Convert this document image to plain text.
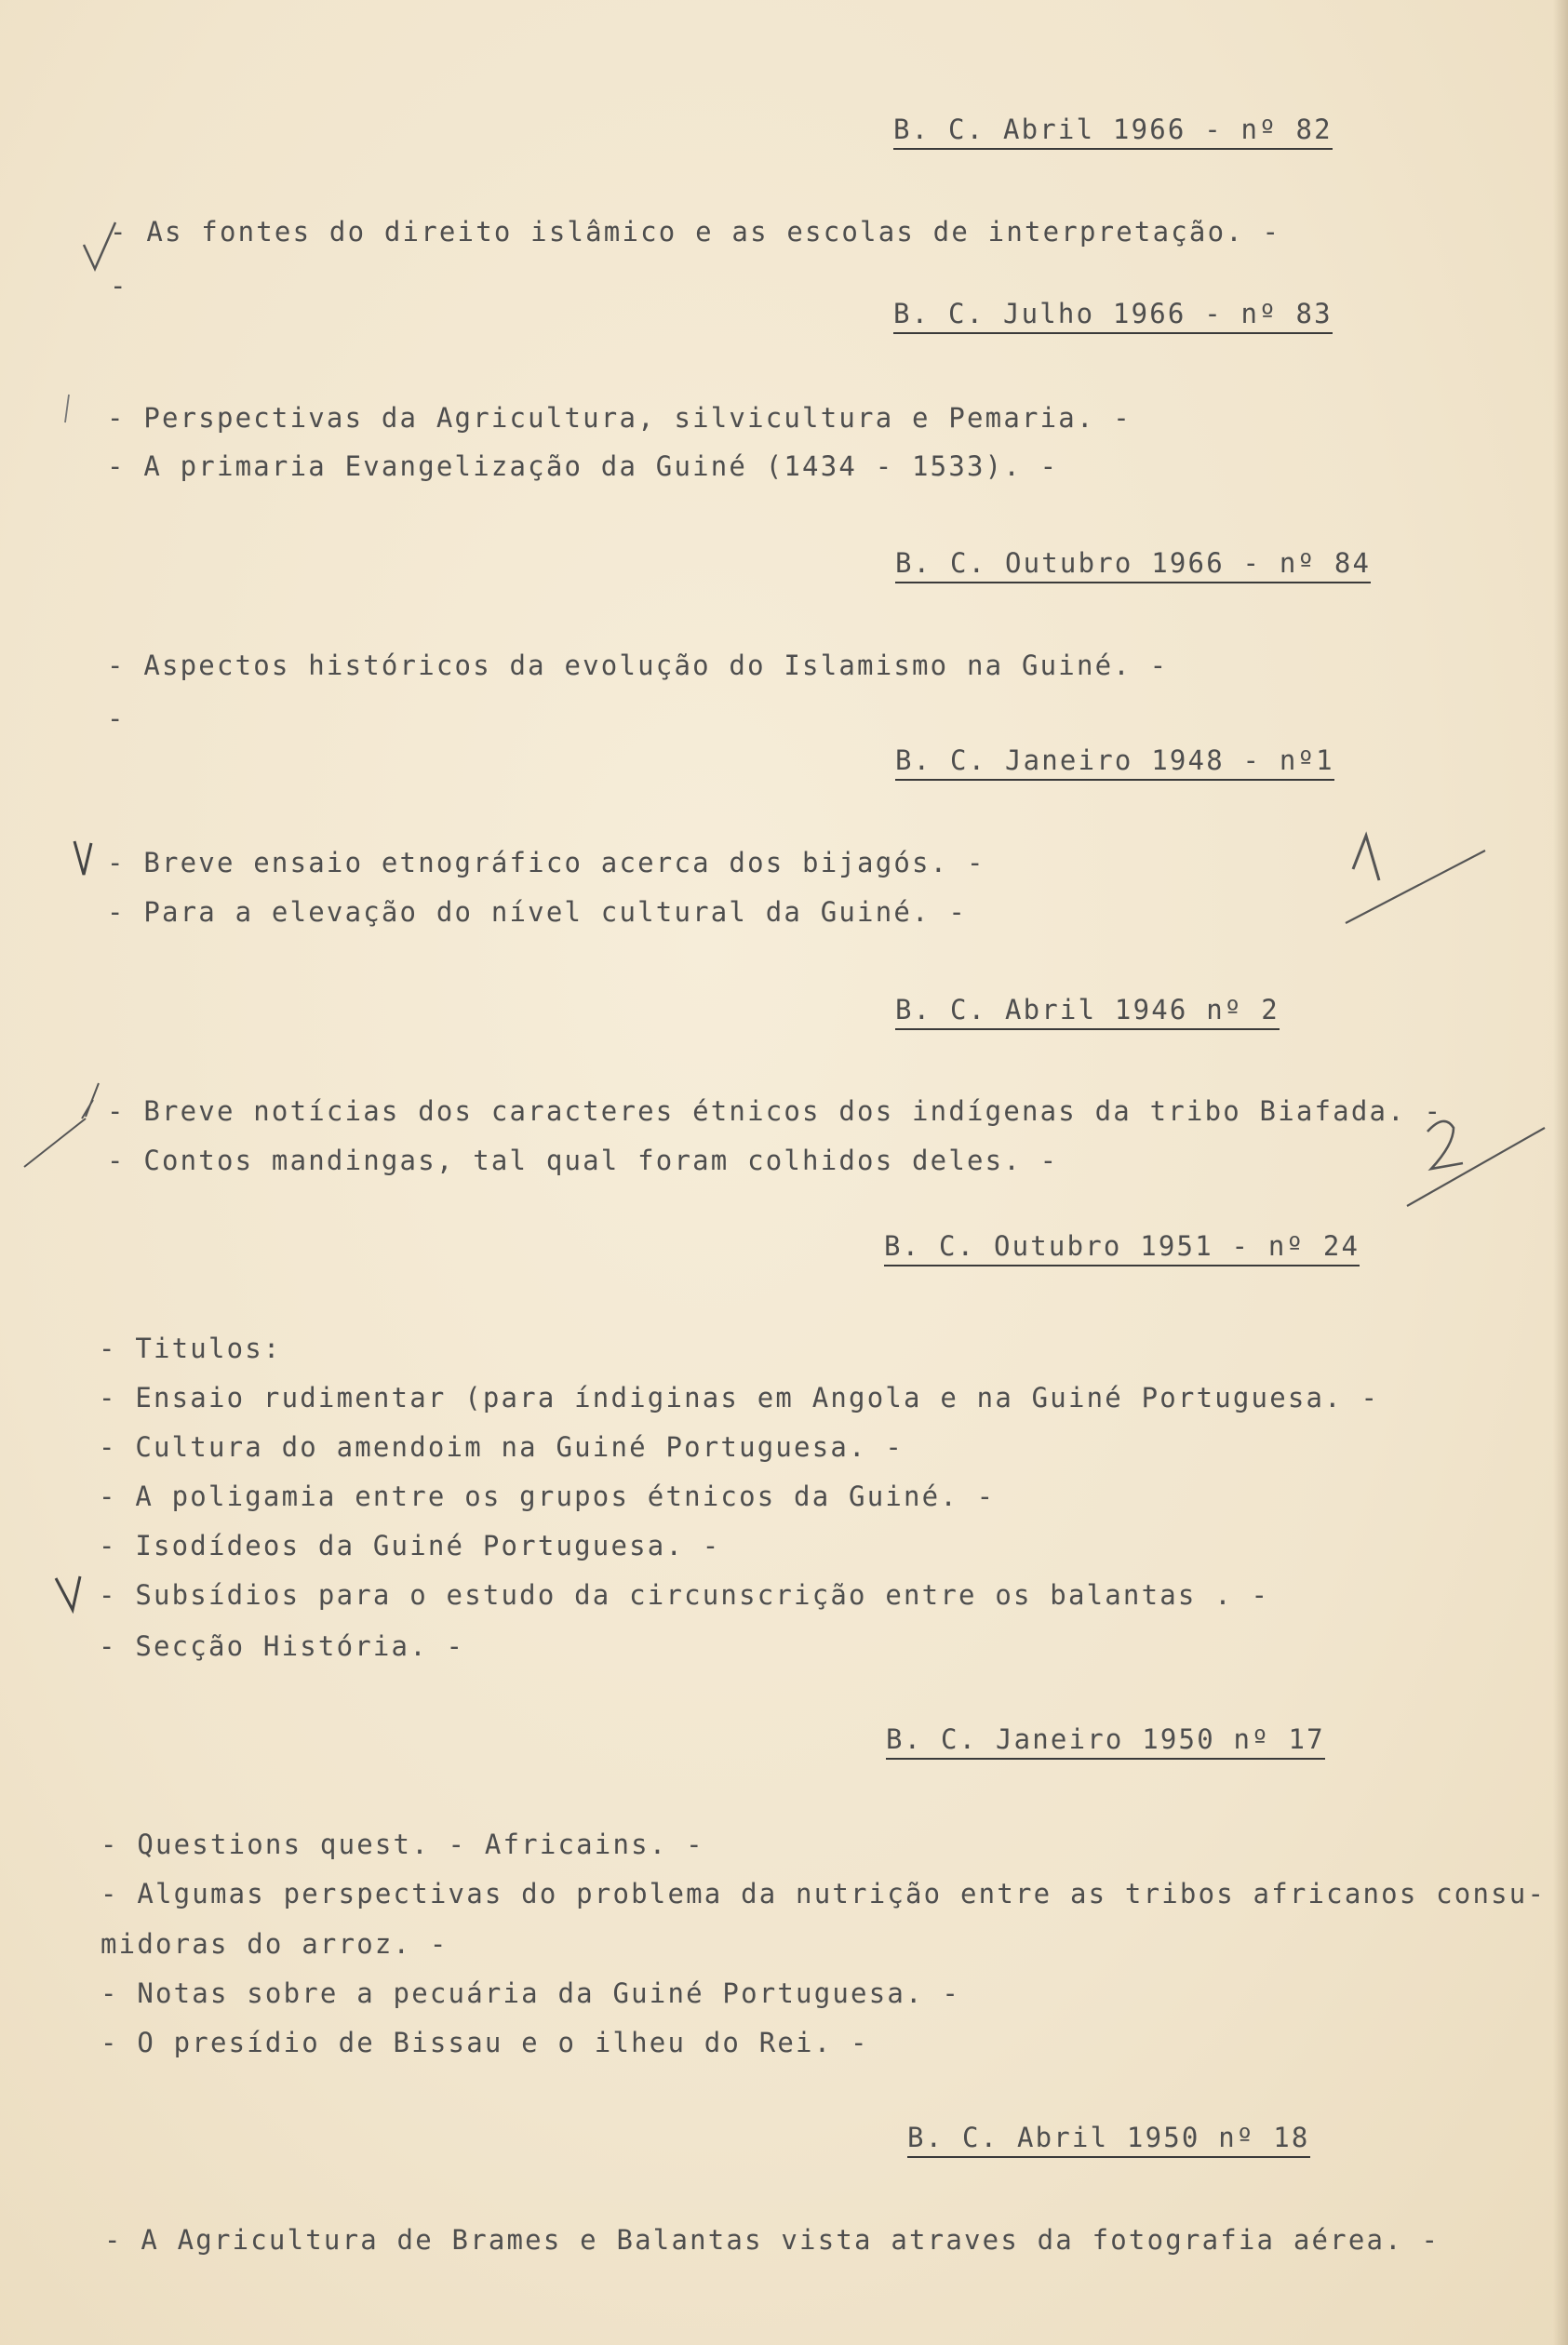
B. C. Abril 1966 - nº 82

- As fontes do direito islâmico e as escolas de interpretação. -

-

B. C. Julho 1966 - nº 83

- Perspectivas da Agricultura, silvicultura e Pemaria. -

- A primaria Evangelização da Guiné (1434 - 1533). -

B. C. Outubro 1966 - nº 84

- Aspectos históricos da evolução do Islamismo na Guiné. -

-

B. C. Janeiro 1948 - nº1

- Breve ensaio etnográfico acerca dos bijagós. -

- Para a elevação do nível cultural da Guiné. -

B. C. Abril 1946 nº 2

- Breve notícias dos caracteres étnicos dos indígenas da tribo Biafada. -

- Contos mandingas, tal qual foram colhidos deles. -

B. C. Outubro 1951 - nº 24

- Titulos:

- Ensaio rudimentar (para índiginas em Angola e na Guiné Portuguesa. -

- Cultura do amendoim na Guiné Portuguesa. -

- A poligamia entre os grupos étnicos da Guiné. -

- Isodídeos da Guiné Portuguesa. -

- Subsídios para o estudo da circunscrição entre os balantas . -

- Secção História. -

B. C. Janeiro 1950 nº 17

- Questions quest. - Africains. -

- Algumas perspectivas do problema da nutrição entre as tribos africanos consu-

midoras do arroz. -

- Notas sobre a pecuária da Guiné Portuguesa. -

- O presídio de Bissau e o ilheu do Rei. -

B. C. Abril 1950 nº 18

- A Agricultura de Brames e Balantas vista atraves da fotografia aérea. -
